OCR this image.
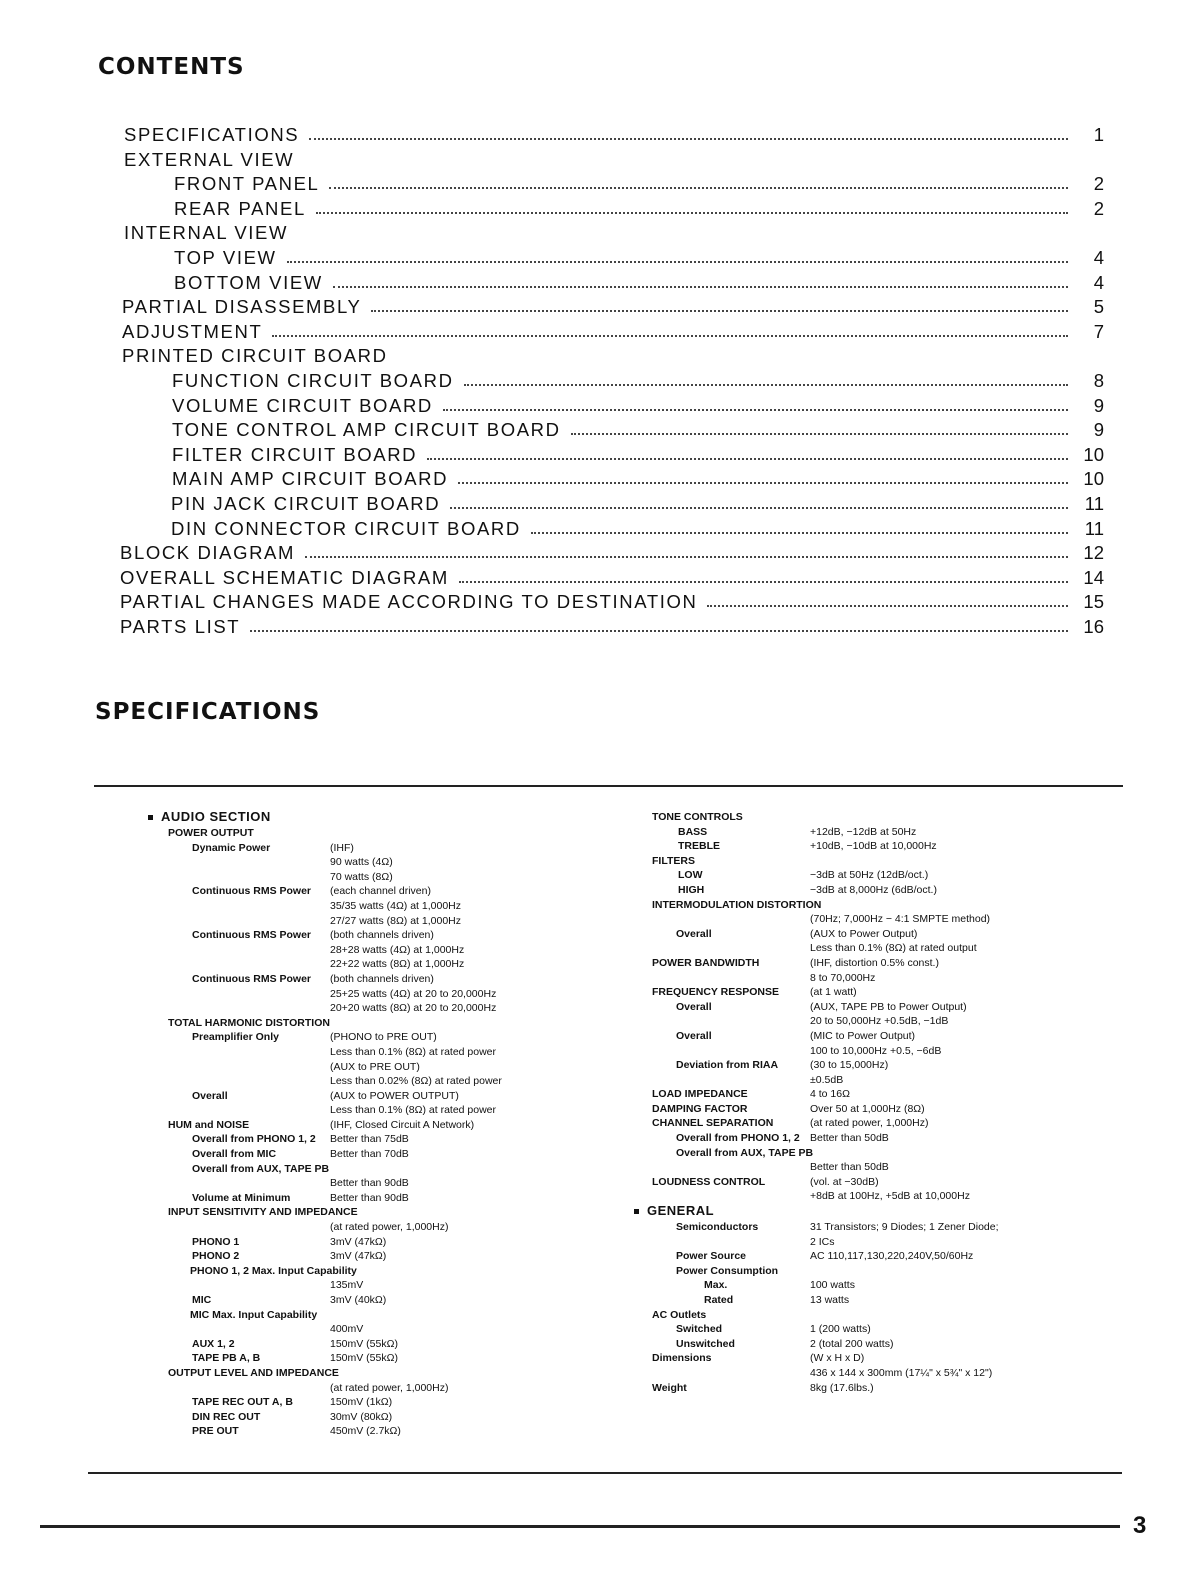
CONTENTS
SPECIFICATIONS	1
EXTERNAL VIEW
FRONT PANEL	2
REAR PANEL	2
INTERNAL VIEW
TOP VIEW	4
BOTTOM VIEW	4
PARTIAL DISASSEMBLY	5
ADJUSTMENT	7
PRINTED CIRCUIT BOARD
FUNCTION CIRCUIT BOARD	8
VOLUME CIRCUIT BOARD	9
TONE CONTROL AMP CIRCUIT BOARD	9
FILTER CIRCUIT BOARD	10
MAIN AMP CIRCUIT BOARD	10
PIN JACK CIRCUIT BOARD	11
DIN CONNECTOR CIRCUIT BOARD	11
BLOCK DIAGRAM	12
OVERALL SCHEMATIC DIAGRAM	14
PARTIAL CHANGES MADE ACCORDING TO DESTINATION	15
PARTS LIST	16
SPECIFICATIONS
AUDIO SECTION
POWER OUTPUT
Dynamic Power	(IHF)
90 watts (4Ω)
70 watts (8Ω)
Continuous RMS Power (each channel driven)
35/35 watts (4Ω) at 1,000Hz
27/27 watts (8Ω) at 1,000Hz
Continuous RMS Power (both channels driven)
28+28 watts (4Ω) at 1,000Hz
22+22 watts (8Ω) at 1,000Hz
Continuous RMS Power (both channels driven)
25+25 watts (4Ω) at 20 to 20,000Hz
20+20 watts (8Ω) at 20 to 20,000Hz
TOTAL HARMONIC DISTORTION
Preamplifier Only	(PHONO to PRE OUT)
Less than 0.1% (8Ω) at rated power
(AUX to PRE OUT)
Less than 0.02% (8Ω) at rated power
Overall	(AUX to POWER OUTPUT)
Less than 0.1% (8Ω) at rated power
HUM and NOISE	(IHF, Closed Circuit A Network)
Overall from PHONO 1, 2 Better than 75dB
Overall from MIC	Better than 70dB
Overall from AUX, TAPE PB
Better than 90dB
Volume at Minimum	Better than 90dB
INPUT SENSITIVITY AND IMPEDANCE
(at rated power, 1,000Hz)
PHONO 1	3mV (47kΩ)
PHONO 2	3mV (47kΩ)
PHONO 1, 2 Max. Input Capability
135mV
MIC	3mV (40kΩ)
MIC Max. Input Capability
400mV
AUX 1, 2	150mV (55kΩ)
TAPE PB A, B	150mV (55kΩ)
OUTPUT LEVEL AND IMPEDANCE
(at rated power, 1,000Hz)
TAPE REC OUT A, B	150mV (1kΩ)
DIN REC OUT	30mV (80kΩ)
PRE OUT	450mV (2.7kΩ)
TONE CONTROLS
BASS	+12dB, −12dB at 50Hz
TREBLE	+10dB, −10dB at 10,000Hz
FILTERS
LOW	−3dB at 50Hz (12dB/oct.)
HIGH	−3dB at 8,000Hz (6dB/oct.)
INTERMODULATION DISTORTION
(70Hz; 7,000Hz − 4:1 SMPTE method)
Overall	(AUX to Power Output)
Less than 0.1% (8Ω) at rated output
POWER BANDWIDTH	(IHF, distortion 0.5% const.)
8 to 70,000Hz
FREQUENCY RESPONSE	(at 1 watt)
Overall	(AUX, TAPE PB to Power Output)
20 to 50,000Hz +0.5dB, −1dB
Overall	(MIC to Power Output)
100 to 10,000Hz +0.5, −6dB
Deviation from RIAA	(30 to 15,000Hz)
±0.5dB
LOAD IMPEDANCE	4 to 16Ω
DAMPING FACTOR	Over 50 at 1,000Hz (8Ω)
CHANNEL SEPARATION	(at rated power, 1,000Hz)
Overall from PHONO 1, 2 Better than 50dB
Overall from AUX, TAPE PB
Better than 50dB
LOUDNESS CONTROL	(vol. at −30dB)
+8dB at 100Hz, +5dB at 10,000Hz
GENERAL
Semiconductors	31 Transistors; 9 Diodes; 1 Zener Diode;
2 ICs
Power Source	AC 110,117,130,220,240V,50/60Hz
Power Consumption
Max.	100 watts
Rated	13 watts
AC Outlets
Switched	1 (200 watts)
Unswitched	2 (total 200 watts)
Dimensions	(W x H x D)
436 x 144 x 300mm (17¼" x 5¾" x 12")
Weight	8kg (17.6lbs.)

3
